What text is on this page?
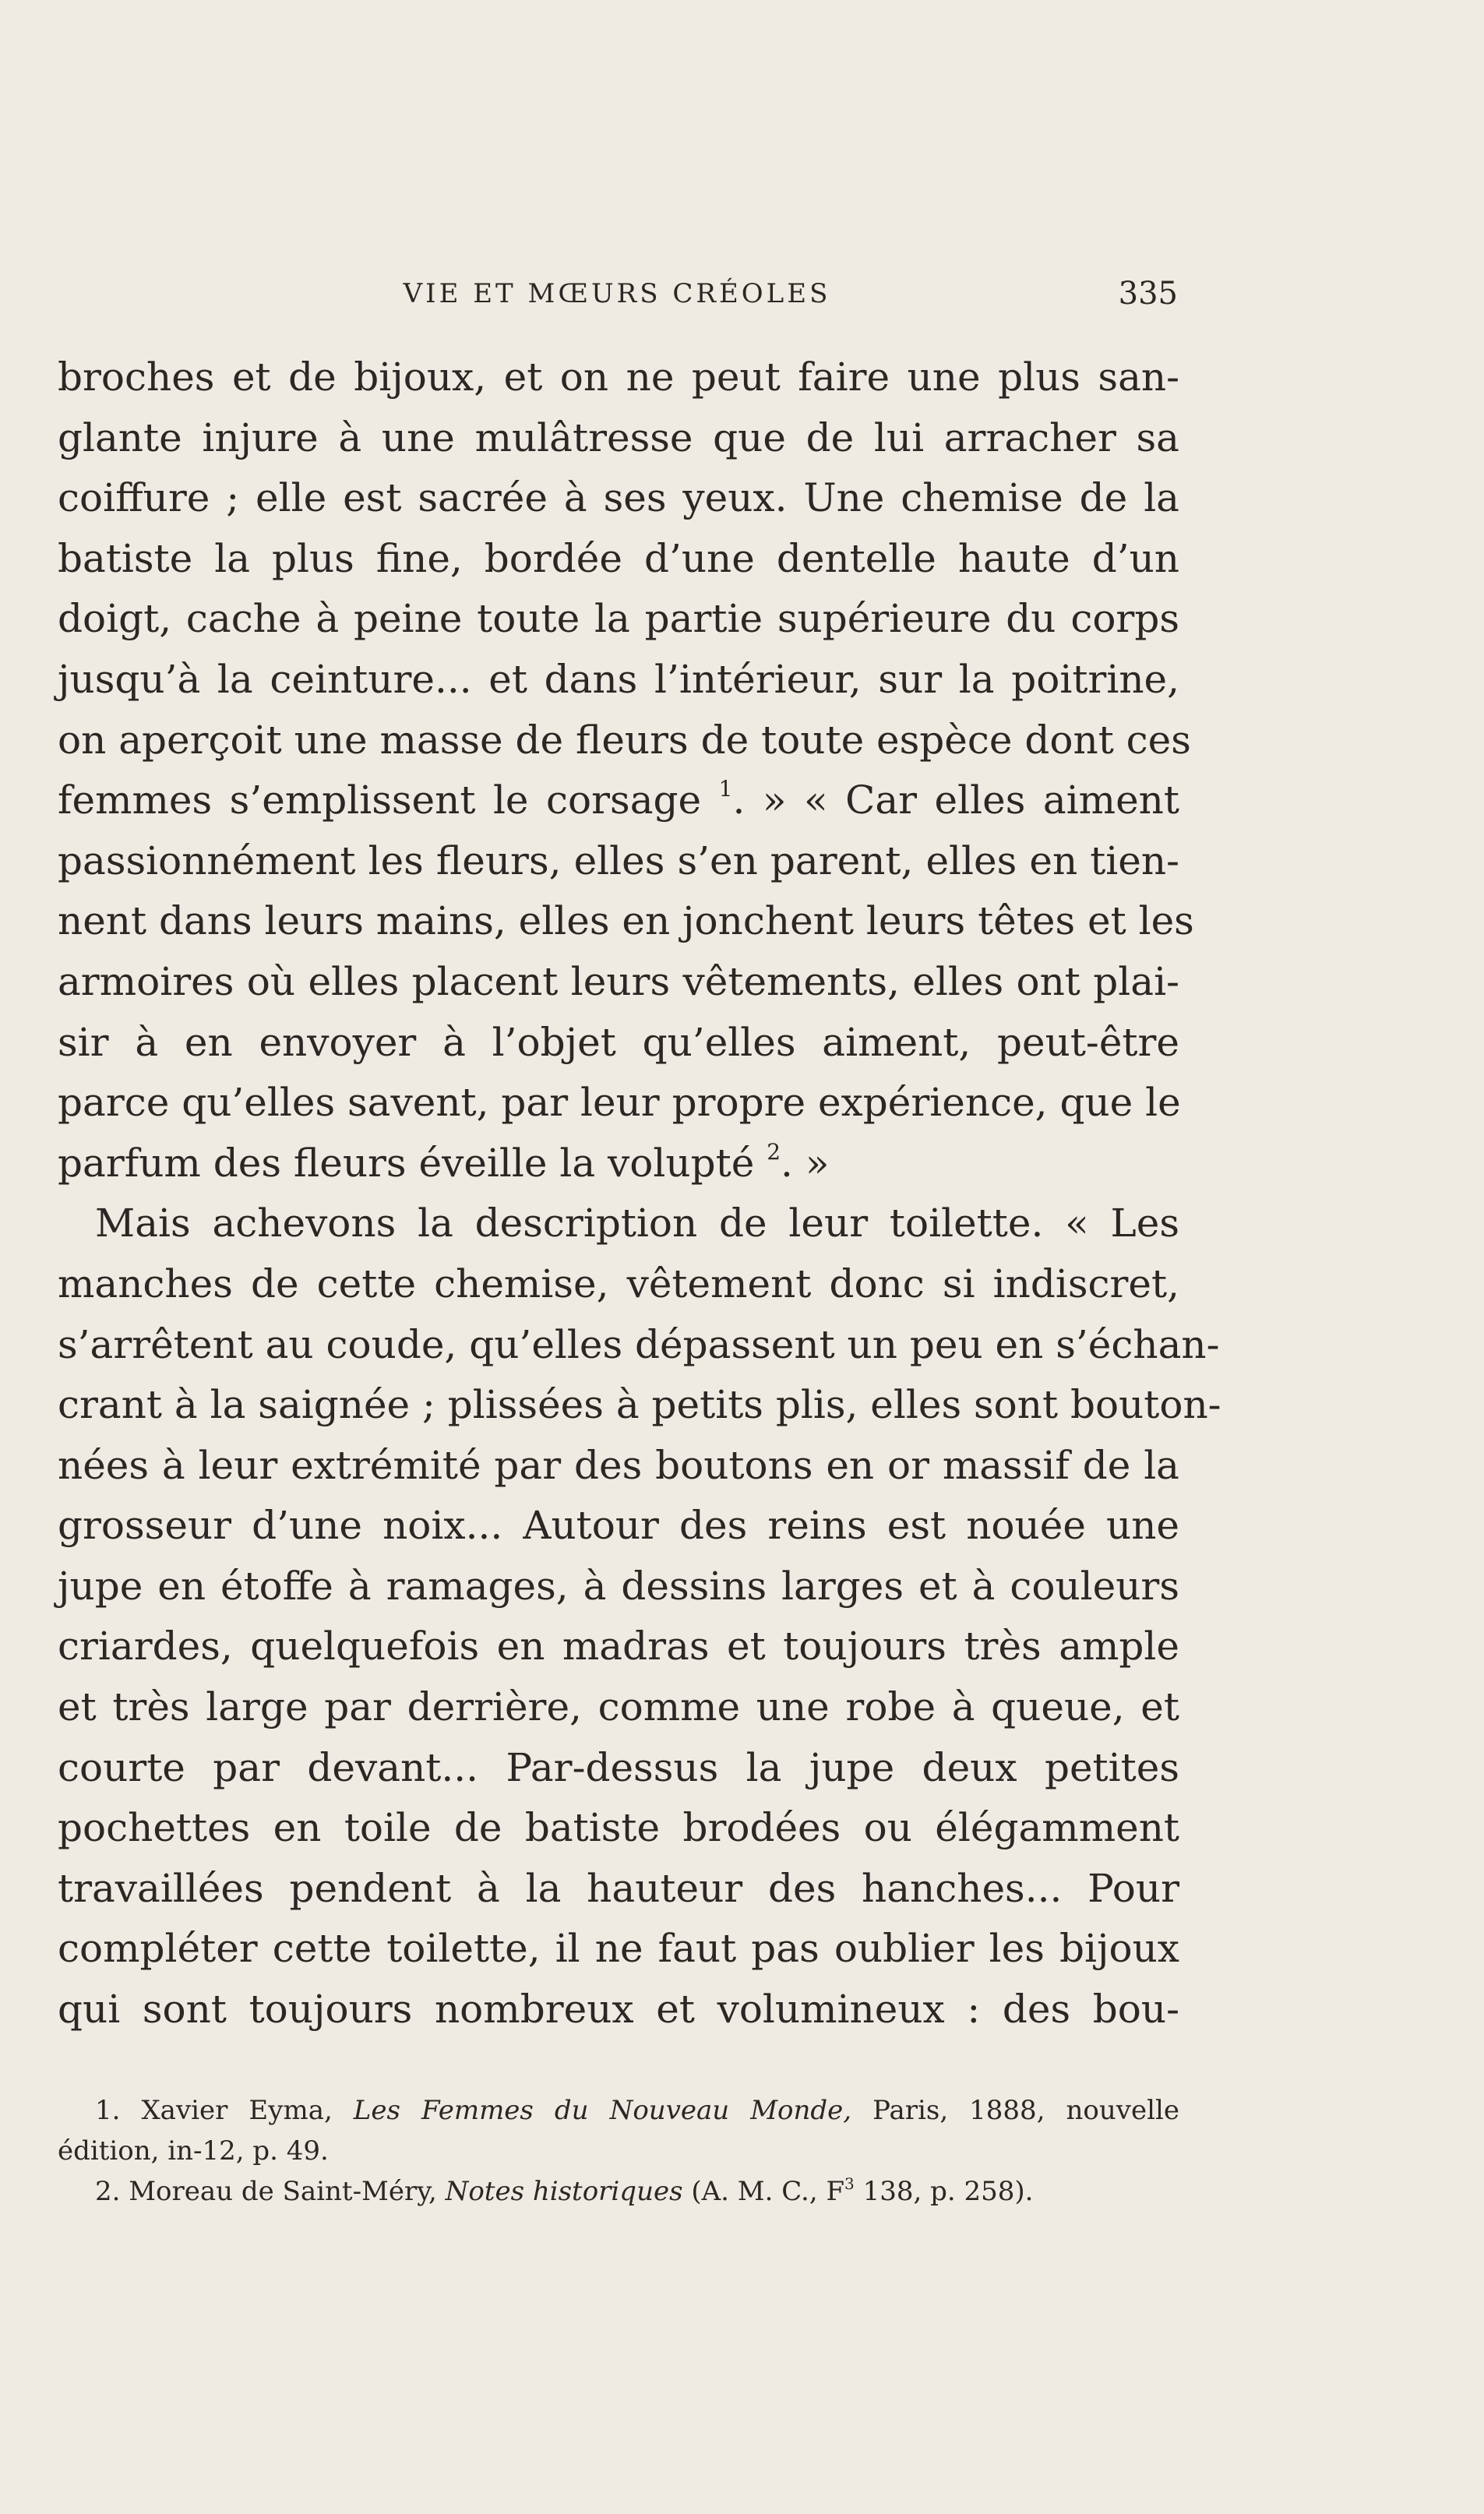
VIE ET MŒURS CRÉOLES	335
broches et de bijoux, et on ne peut faire une plus san-
glante injure à une mulâtresse que de lui arracher sa
coiffure ; elle est sacrée à ses yeux. Une chemise de la
batiste la plus fine, bordée d’une dentelle haute d’un
doigt, cache à peine toute la partie supérieure du corps
jusqu’à la ceinture... et dans l’intérieur, sur la poitrine,
on aperçoit une masse de fleurs de toute espèce dont ces
femmes s’emplissent le corsage $^1$. » « Car elles aiment
passionnément les fleurs, elles s’en parent, elles en tien-
nent dans leurs mains, elles en jonchent leurs têtes et les
armoires où elles placent leurs vêtements, elles ont plai-
sir à en envoyer à l’objet qu’elles aiment, peut-être
parce qu’elles savent, par leur propre expérience, que le
parfum des fleurs éveille la volupté $^2$. »
Mais achevons la description de leur toilette. « Les
manches de cette chemise, vêtement donc si indiscret,
s’arrêtent au coude, qu’elles dépassent un peu en s’échan-
crant à la saignée ; plissées à petits plis, elles sont bouton-
nées à leur extrémité par des boutons en or massif de la
grosseur d’une noix... Autour des reins est nouée une
jupe en étoffe à ramages, à dessins larges et à couleurs
criardes, quelquefois en madras et toujours très ample
et très large par derrière, comme une robe à queue, et
courte par devant... Par-dessus la jupe deux petites
pochettes en toile de batiste brodées ou élégamment
travaillées pendent à la hauteur des hanches... Pour
compléter cette toilette, il ne faut pas oublier les bijoux
qui sont toujours nombreux et volumineux : des bou-
1. Xavier Eyma, Les Femmes du Nouveau Monde, Paris, 1888, nouvelle
édition, in-12, p. 49.
2. Moreau de Saint-Méry, Notes historiques (A. M. C., $F^3$ 138, p. 258).
